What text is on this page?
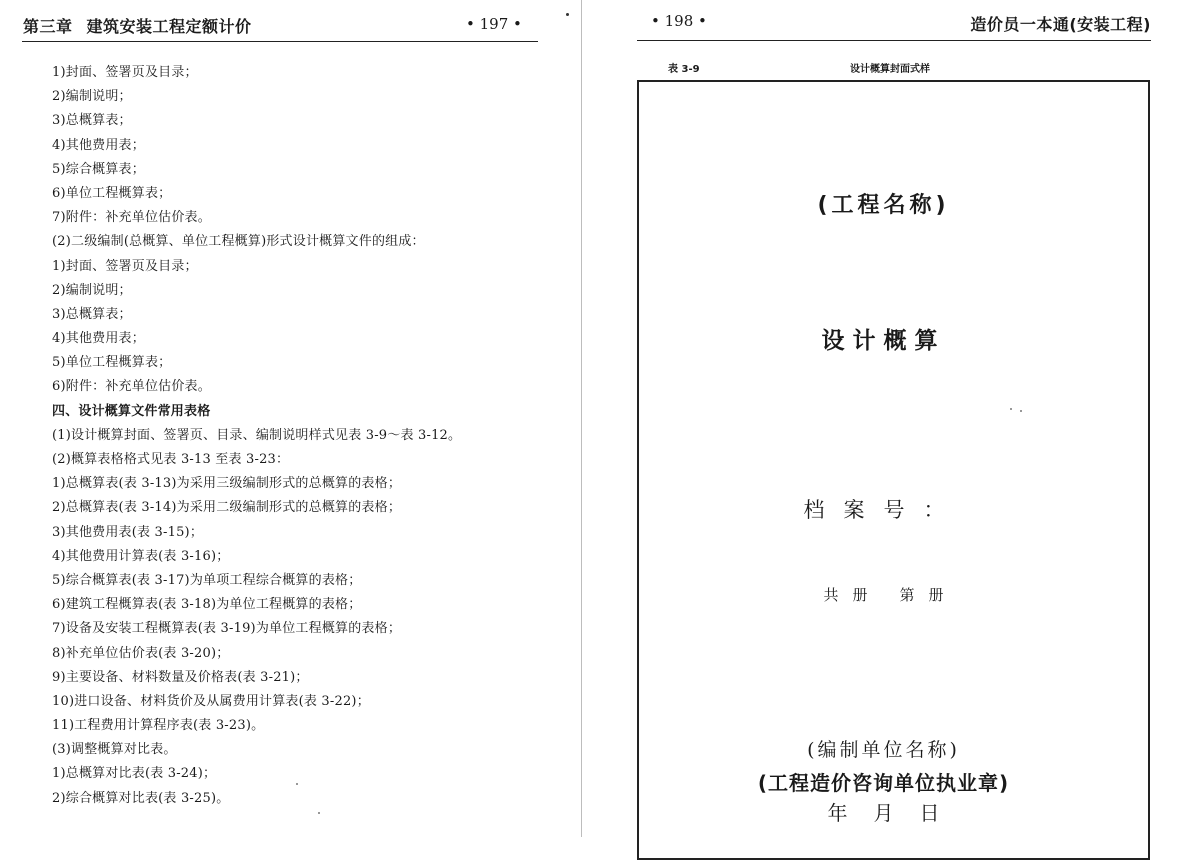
第三章 建筑安装工程定额计价	• 197 •
1)封面、签署页及目录；
2)编制说明；
3)总概算表；
4)其他费用表；
5)综合概算表；
6)单位工程概算表；
7)附件：补充单位估价表。
(2)二级编制(总概算、单位工程概算)形式设计概算文件的组成：
1)封面、签署页及目录；
2)编制说明；
3)总概算表；
4)其他费用表；
5)单位工程概算表；
6)附件：补充单位估价表。
四、设计概算文件常用表格
(1)设计概算封面、签署页、目录、编制说明样式见表 3-9～表 3-12。
(2)概算表格格式见表 3-13 至表 3-23：
1)总概算表(表 3-13)为采用三级编制形式的总概算的表格；
2)总概算表(表 3-14)为采用二级编制形式的总概算的表格；
3)其他费用表(表 3-15)；
4)其他费用计算表(表 3-16)；
5)综合概算表(表 3-17)为单项工程综合概算的表格；
6)建筑工程概算表(表 3-18)为单位工程概算的表格；
7)设备及安装工程概算表(表 3-19)为单位工程概算的表格；
8)补充单位估价表(表 3-20)；
9)主要设备、材料数量及价格表(表 3-21)；
10)进口设备、材料货价及从属费用计算表(表 3-22)；
11)工程费用计算程序表(表 3-23)。
(3)调整概算对比表。
1)总概算对比表(表 3-24)；
2)综合概算对比表(表 3-25)。
• 198 •	造价员一本通(安装工程)
表 3-9	设计概算封面式样
(工程名称)
设计概算
档案号：
共 册 第 册
(编制单位名称)
(工程造价咨询单位执业章)
年 月 日
